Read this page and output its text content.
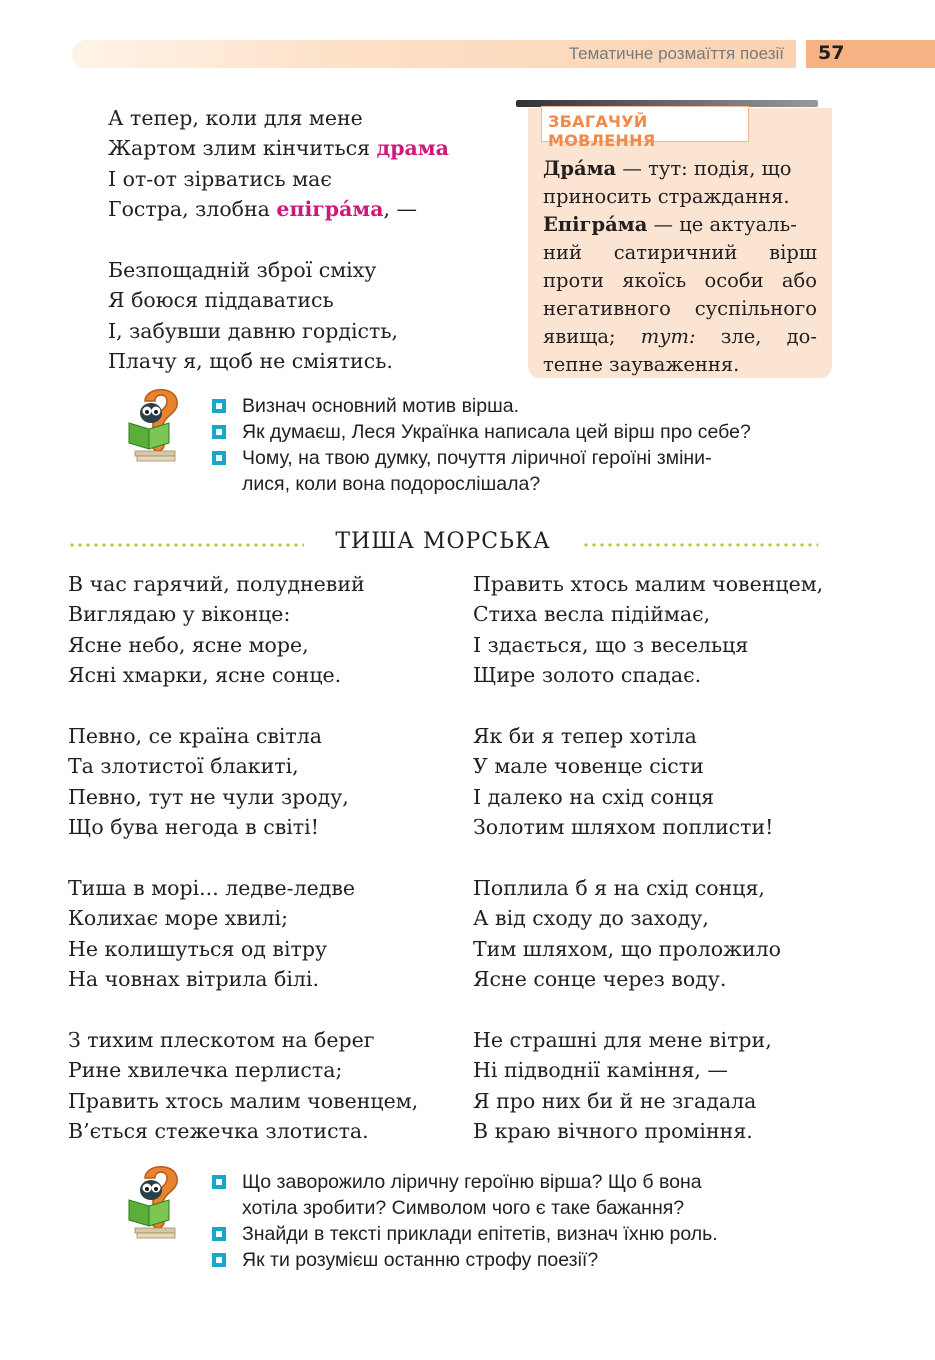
Тематичне розмаїття поезії 57
А тепер, коли для мене
Жартом злим кінчиться драма
І от-от зірватись має
Гостра, злобна епігра́ма, —
Безпощадній зброї сміху
Я боюся піддаватись
І, забувши давню гордість,
Плачу я, щоб не сміятись.
ЗБАГАЧУЙ МОВЛЕННЯ
Дра́ма
— тут: подія, що
приносить страждання.
Епігра́ма
— це актуаль-
ний сатиричний вірш
проти якоїсь особи або
негативного суспільного
явища; тут: зле, до-
тепне зауваження.
Визнач основний мотив вірша.
Як думаєш, Леся Українка написала цей вірш про себе?
Чому, на твою думку, почуття ліричної героїні зміни-
лися, коли вона подорослішала?
ТИША МОРСЬКА
В час гарячий, полудневий
Виглядаю у віконце:
Ясне небо, ясне море,
Ясні хмарки, ясне сонце.
Певно, се країна світла
Та злотистої блакиті,
Певно, тут не чули зроду,
Що бува негода в світі!
Тиша в морі... ледве-ледве
Колихає море хвилі;
Не колишуться од вітру
На човнах вітрила білі.
З тихим плескотом на берег
Рине хвилечка перлиста;
Править хтось малим човенцем,
В’ється стежечка злотиста.
Править хтось малим човенцем,
Стиха весла підіймає,
І здається, що з весельця
Щире золото спадає.
Як би я тепер хотіла
У мале човенце сісти
І далеко на схід сонця
Золотим шляхом поплисти!
Поплила б я на схід сонця,
А від сходу до заходу,
Тим шляхом, що проложило
Ясне сонце через воду.
Не страшні для мене вітри,
Ні підводнії каміння, —
Я про них би й не згадала
В краю вічного проміння.
Що заворожило ліричну героїню вірша? Що б вона
хотіла зробити? Символом чого є таке бажання?
Знайди в тексті приклади епітетів, визнач їхню роль.
Як ти розумієш останню строфу поезії?
